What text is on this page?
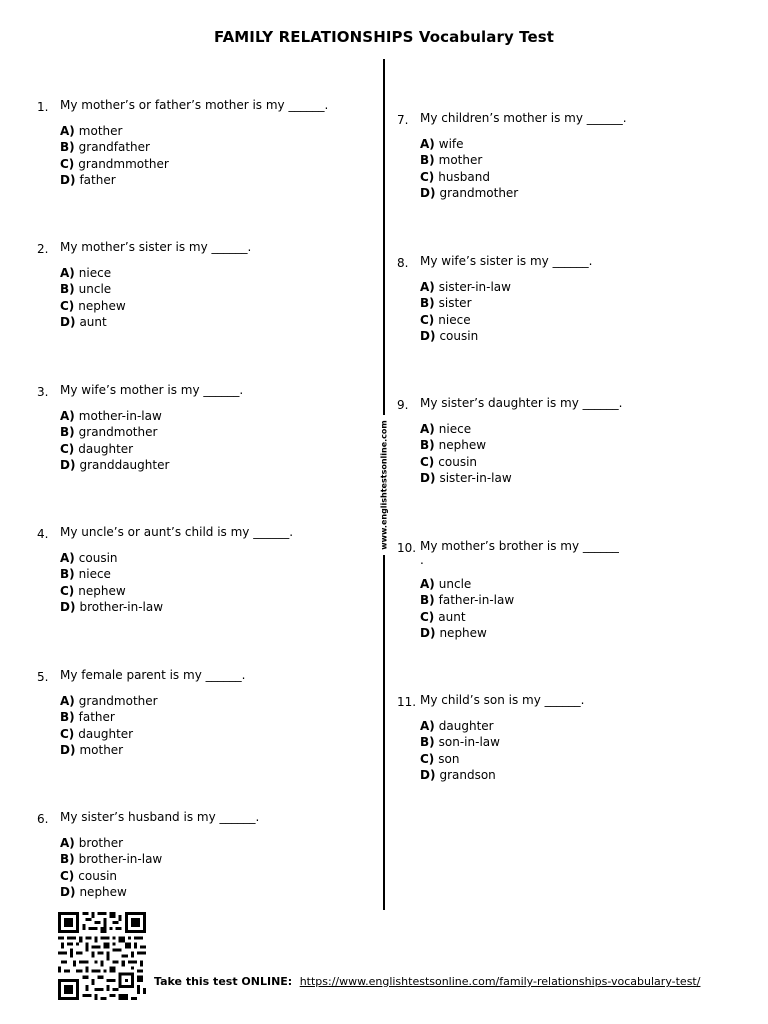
FAMILY RELATIONSHIPS Vocabulary Test
www.englishtestsonline.com
1. My mother’s or father’s mother is my ______.
A) mother
B) grandfather
C) grandmmother
D) father
2. My mother’s sister is my ______.
A) niece
B) uncle
C) nephew
D) aunt
3. My wife’s mother is my ______.
A) mother-in-law
B) grandmother
C) daughter
D) granddaughter
4. My uncle’s or aunt’s child is my ______.
A) cousin
B) niece
C) nephew
D) brother-in-law
5. My female parent is my ______.
A) grandmother
B) father
C) daughter
D) mother
6. My sister’s husband is my ______.
A) brother
B) brother-in-law
C) cousin
D) nephew
7. My children’s mother is my ______.
A) wife
B) mother
C) husband
D) grandmother
8. My wife’s sister is my ______.
A) sister-in-law
B) sister
C) niece
D) cousin
9. My sister’s daughter is my ______.
A) niece
B) nephew
C) cousin
D) sister-in-law
10. My mother’s brother is my ______ .
A) uncle
B) father-in-law
C) aunt
D) nephew
11. My child’s son is my ______.
A) daughter
B) son-in-law
C) son
D) grandson
Take this test ONLINE: https://www.englishtestsonline.com/family-relationships-vocabulary-test/
